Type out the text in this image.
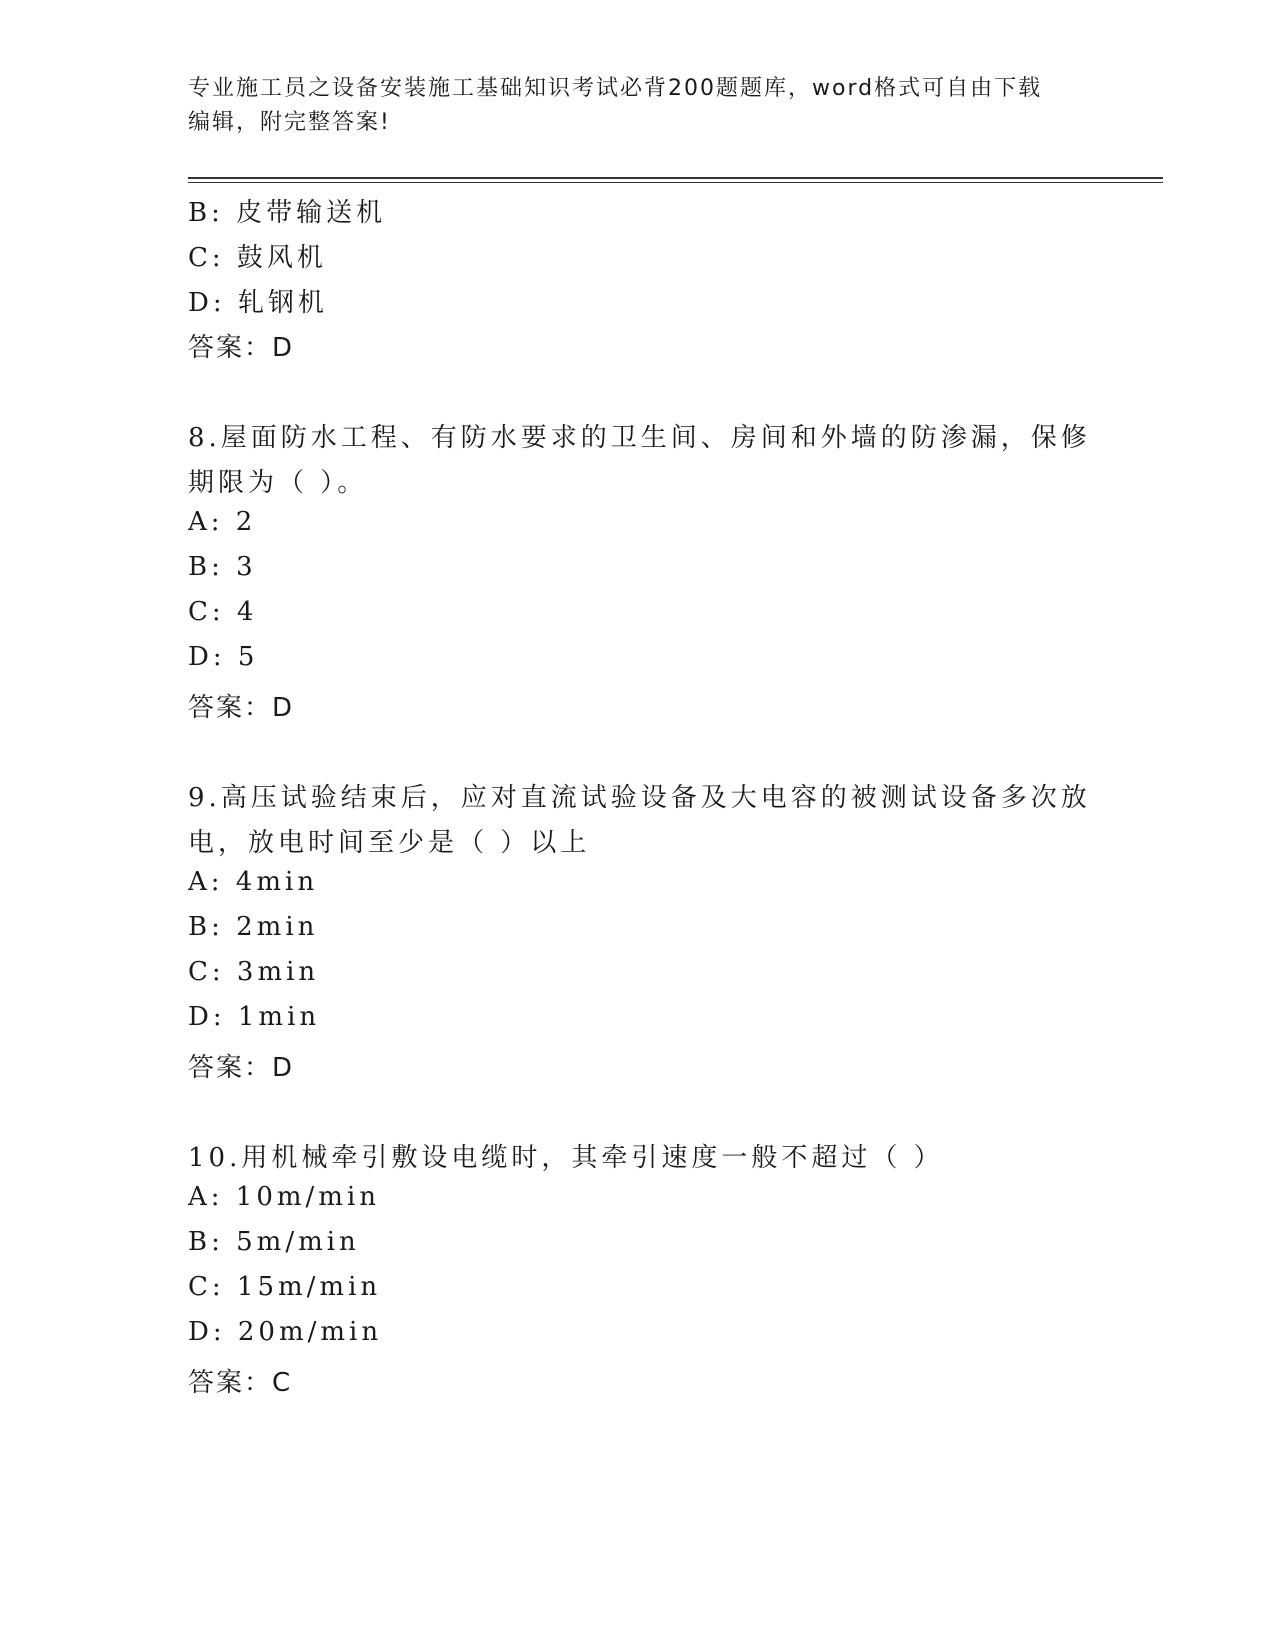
专业施工员之设备安装施工基础知识考试必背200题题库，word格式可自由下载
编辑，附完整答案!
B: 皮带输送机
C: 鼓风机
D: 轧钢机
答案：D
8.屋面防水工程、有防水要求的卫生间、房间和外墙的防渗漏，保修
期限为（ ）。
A: 2
B: 3
C: 4
D: 5
答案：D
9.高压试验结束后，应对直流试验设备及大电容的被测试设备多次放
电，放电时间至少是（ ）以上
A: 4min
B: 2min
C: 3min
D: 1min
答案：D
10.用机械牵引敷设电缆时，其牵引速度一般不超过（ ）
A: 10m/min
B: 5m/min
C: 15m/min
D: 20m/min
答案：C
